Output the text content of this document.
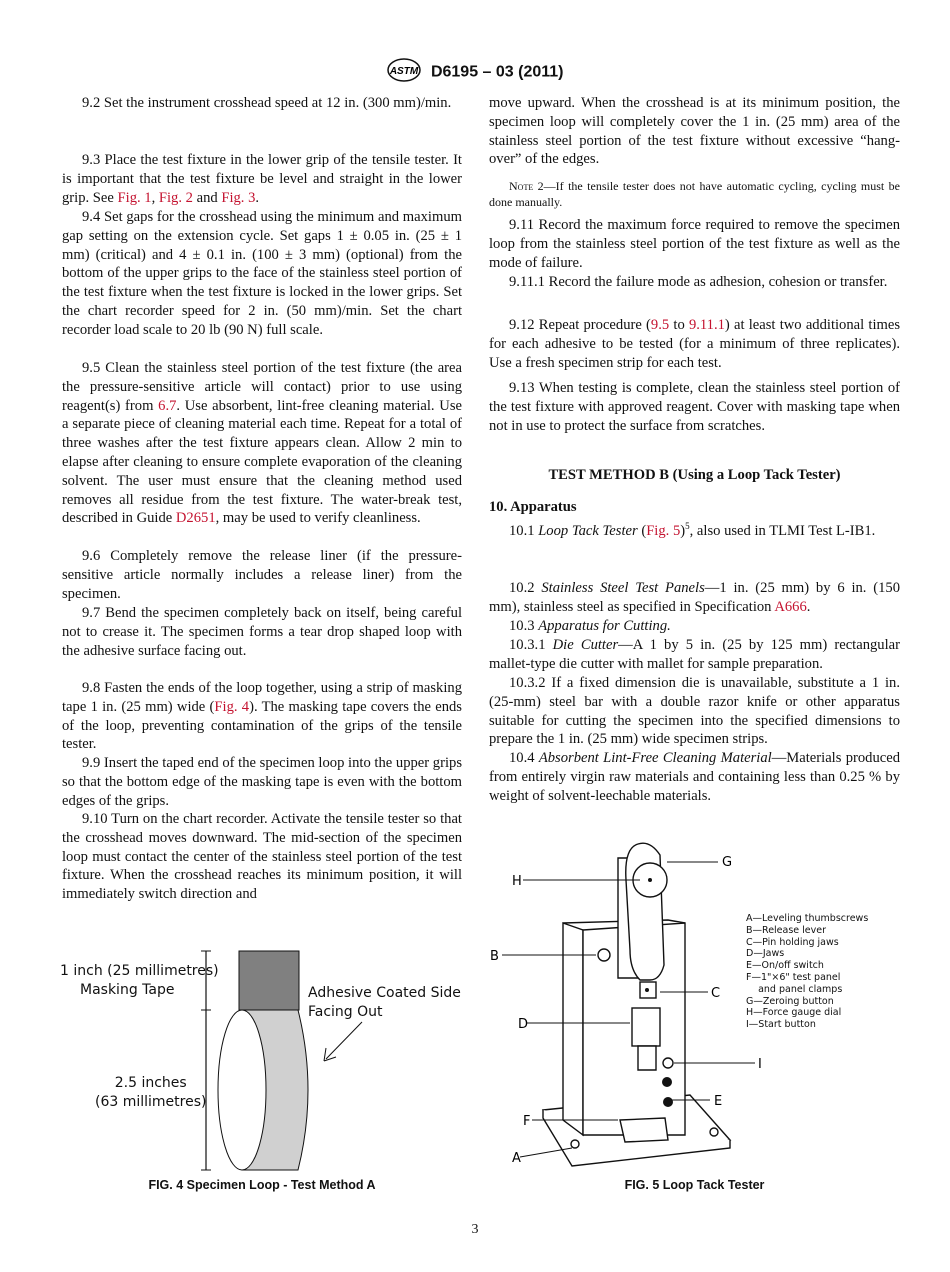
ASTM D6195 – 03 (2011)

9.2 Set the instrument crosshead speed at 12 in. (300 mm)/min.

9.3 Place the test fixture in the lower grip of the tensile tester. It is important that the test fixture be level and straight in the lower grip. See Fig. 1, Fig. 2 and Fig. 3.

9.4 Set gaps for the crosshead using the minimum and maximum gap setting on the extension cycle. Set gaps 1 ± 0.05 in. (25 ± 1 mm) (critical) and 4 ± 0.1 in. (100 ± 3 mm) (optional) from the bottom of the upper grips to the face of the stainless steel portion of the test fixture when the test fixture is locked in the lower grips. Set the chart recorder speed for 2 in. (50 mm)/min. Set the chart recorder load scale to 20 lb (90 N) full scale.

9.5 Clean the stainless steel portion of the test fixture (the area the pressure-sensitive article will contact) prior to use using reagent(s) from 6.7. Use absorbent, lint-free cleaning material. Use a separate piece of cleaning material each time. Repeat for a total of three washes after the test fixture appears clean. Allow 2 min to elapse after cleaning to ensure complete evaporation of the cleaning solvent. The user must ensure that the cleaning method used removes all residue from the test fixture. The water-break test, described in Guide D2651, may be used to verify cleanliness.

9.6 Completely remove the release liner (if the pressure-sensitive article normally includes a release liner) from the specimen.

9.7 Bend the specimen completely back on itself, being careful not to crease it. The specimen forms a tear drop shaped loop with the adhesive surface facing out.

9.8 Fasten the ends of the loop together, using a strip of masking tape 1 in. (25 mm) wide (Fig. 4). The masking tape covers the ends of the loop, preventing contamination of the grips of the tensile tester.

9.9 Insert the taped end of the specimen loop into the upper grips so that the bottom edge of the masking tape is even with the bottom edges of the grips.

9.10 Turn on the chart recorder. Activate the tensile tester so that the crosshead moves downward. The mid-section of the specimen loop must contact the center of the stainless steel portion of the test fixture. When the crosshead reaches its minimum position, it will immediately switch direction and

move upward. When the crosshead is at its minimum position, the specimen loop will completely cover the 1 in. (25 mm) area of the stainless steel portion of the test fixture without excessive “hang-over” of the edges.

Note 2—If the tensile tester does not have automatic cycling, cycling must be done manually.

9.11 Record the maximum force required to remove the specimen loop from the stainless steel portion of the test fixture as well as the mode of failure.

9.11.1 Record the failure mode as adhesion, cohesion or transfer.

9.12 Repeat procedure (9.5 to 9.11.1) at least two additional times for each adhesive to be tested (for a minimum of three replicates). Use a fresh specimen strip for each test.

9.13 When testing is complete, clean the stainless steel portion of the test fixture with approved reagent. Cover with masking tape when not in use to protect the surface from scratches.

TEST METHOD B (Using a Loop Tack Tester)

10. Apparatus

10.1 Loop Tack Tester (Fig. 5)$^5$, also used in TLMI Test L-IB1.

10.2 Stainless Steel Test Panels—1 in. (25 mm) by 6 in. (150 mm), stainless steel as specified in Specification A666.

10.3 Apparatus for Cutting.

10.3.1 Die Cutter—A 1 by 5 in. (25 by 125 mm) rectangular mallet-type die cutter with mallet for sample preparation.

10.3.2 If a fixed dimension die is unavailable, substitute a 1 in. (25-mm) steel bar with a double razor knife or other apparatus suitable for cutting the specimen into the specified dimensions to prepare the 1 in. (25 mm) wide specimen strips.

10.4 Absorbent Lint-Free Cleaning Material—Materials produced from entirely virgin raw materials and containing less than 0.25 % by weight of solvent-leechable materials.

1 inch (25 millimetres)
Masking Tape	Adhesive Coated Side
Facing Out
2.5 inches
(63 millimetres)
FIG. 4 Specimen Loop - Test Method A
B
H
G
C
D
I
E
F
A
A—Leveling thumbscrews
B—Release lever
C—Pin holding jaws
D—Jaws
E—On/off switch
F—1"×6" test panel
and panel clamps
G—Zeroing button
H—Force gauge dial
I—Start button
FIG. 5 Loop Tack Tester
3
